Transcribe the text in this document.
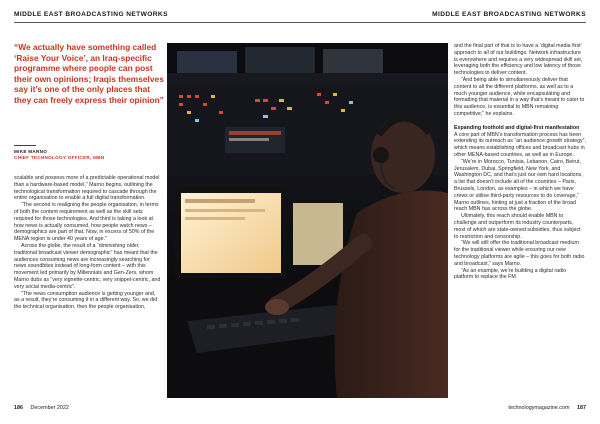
MIDDLE EAST BROADCASTING NETWORKS	MIDDLE EAST BROADCASTING NETWORKS
“We actually have something called ‘Raise Your Voice’, an Iraq-specific programme where people can post their own opinions; Iraqis themselves say it’s one of the only places that they can freely express their opinion”
MIKE MARNO
CHIEF TECHNOLOGY OFFICER, MBN

scalable and possess more of a predictable operational model than a hardware-based model,” Marno begins, outlining the technological transformation required to cascade through the entire organisation to enable a full digital transformation.

“The second is realigning the people organisation, in terms of both the content requirement as well as the skill sets required for those technologies. And third is taking a look at how news is actually consumed, how people watch news – demographics are part of that. Now, in excess of 50% of the MENA region is under 40 years of age.”

Across the globe, the result of a “diminishing older, traditional broadcast viewer demographic” has meant that the audiences consuming news are increasingly searching for news soundbites instead of long-form content – with this movement led primarily by Millennials and Gen-Zers, whom Marno dubs as “very vignette-centric, very snippet-centric, and very social media-centric”.

“The news consumption audience is getting younger and, as a result, they’re consuming it in a different way. So, we did the technical organisation, then the people organisation,

and the final part of that is to have a ‘digital media first’ approach to all of our buildings. Network infrastructure is everywhere and requires a very widespread skill set, leveraging both the efficiency and low latency of those technologies to deliver content.

“And being able to simultaneously deliver that content to all the different platforms, as well as to a much younger audience, while encapsulating and formatting that material in a way that’s meant to cater to this audience, is essential to MBN remaining competitive,” he explains.

Expanding foothold and digital-first manifestation

A core part of MBN’s transformation process has been extending its outreach as “an audience growth strategy”, which means establishing offices and broadcast hubs in other MENA-based countries, as well as in Europe.

“We’re in Morocco, Tunisia, Lebanon, Cairo, Beirut, Jerusalem, Dubai, Springfield, New York, and Washington DC, and that’s just our own hard locations, a list that doesn’t include all of the countries – Paris, Brussels, London, as examples – in which we have crews or utilise third-party resources to do coverage,” Marno outlines, hinting at just a fraction of the broad reach MBN has across the globe.

Ultimately, this reach should enable MBN to challenge and outperform its industry counterparts, most of which are state-owned subsidies, thus subject to restriction and censorship.

“We will still offer the traditional broadcast medium for the traditional viewer while ensuring our new technology platforms are agile – this goes for both radio and broadcast,” says Marno.

“As an example, we’re building a digital radio platform to replace the FM

186 December 2022	technologymagazine.com 187
